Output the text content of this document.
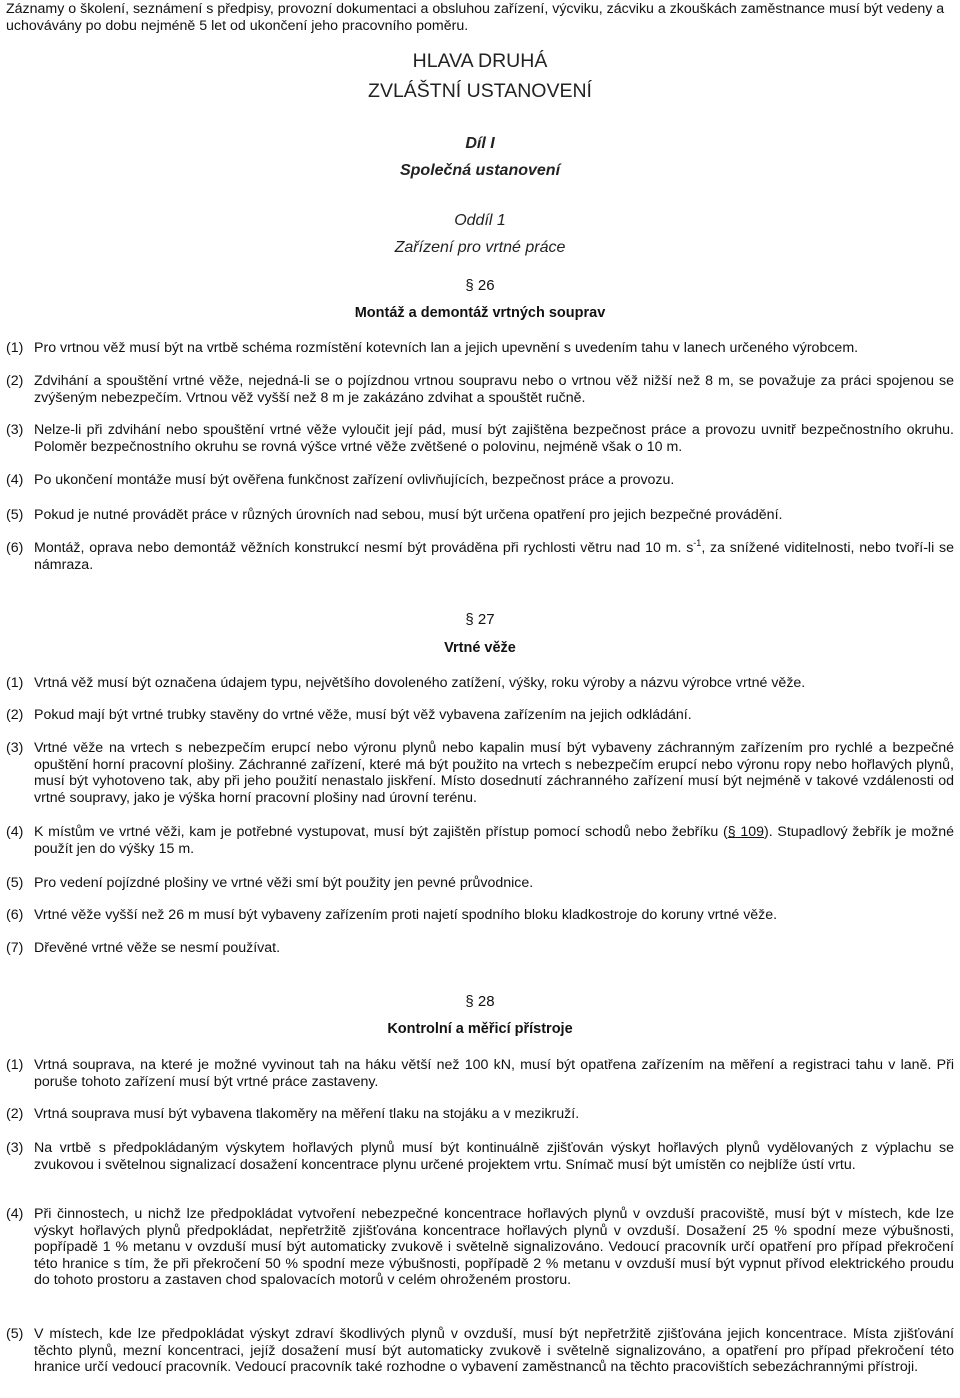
Záznamy o školení, seznámení s předpisy, provozní dokumentaci a obsluhou zařízení, výcviku, zácviku a zkouškách zaměstnance musí být vedeny a uchovávány po dobu nejméně 5 let od ukončení jeho pracovního poměru.
HLAVA DRUHÁ
ZVLÁŠTNÍ USTANOVENÍ
Díl I
Společná ustanovení
Oddíl 1
Zařízení pro vrtné práce
§ 26
Montáž a demontáž vrtných souprav
(1) Pro vrtnou věž musí být na vrtbě schéma rozmístění kotevních lan a jejich upevnění s uvedením tahu v lanech určeného výrobcem.
(2) Zdvihání a spouštění vrtné věže, nejedná-li se o pojízdnou vrtnou soupravu nebo o vrtnou věž nižší než 8 m, se považuje za práci spojenou se zvýšeným nebezpečím. Vrtnou věž vyšší než 8 m je zakázáno zdvihat a spouštět ručně.
(3) Nelze-li při zdvihání nebo spouštění vrtné věže vyloučit její pád, musí být zajištěna bezpečnost práce a provozu uvnitř bezpečnostního okruhu. Poloměr bezpečnostního okruhu se rovná výšce vrtné věže zvětšené o polovinu, nejméně však o 10 m.
(4) Po ukončení montáže musí být ověřena funkčnost zařízení ovlivňujících, bezpečnost práce a provozu.
(5) Pokud je nutné provádět práce v různých úrovních nad sebou, musí být určena opatření pro jejich bezpečné provádění.
(6) Montáž, oprava nebo demontáž věžních konstrukcí nesmí být prováděna při rychlosti větru nad 10 m. $s^{-1}$, za snížené viditelnosti, nebo tvoří-li se námraza.
§ 27
Vrtné věže
(1) Vrtná věž musí být označena údajem typu, největšího dovoleného zatížení, výšky, roku výroby a názvu výrobce vrtné věže.
(2) Pokud mají být vrtné trubky stavěny do vrtné věže, musí být věž vybavena zařízením na jejich odkládání.
(3) Vrtné věže na vrtech s nebezpečím erupcí nebo výronu plynů nebo kapalin musí být vybaveny záchranným zařízením pro rychlé a bezpečné opuštění horní pracovní plošiny. Záchranné zařízení, které má být použito na vrtech s nebezpečím erupcí nebo výronu ropy nebo hořlavých plynů, musí být vyhotoveno tak, aby při jeho použití nenastalo jiskření. Místo dosednutí záchranného zařízení musí být nejméně v takové vzdálenosti od vrtné soupravy, jako je výška horní pracovní plošiny nad úrovní terénu.
(4) K místům ve vrtné věži, kam je potřebné vystupovat, musí být zajištěn přístup pomocí schodů nebo žebříku (§ 109). Stupadlový žebřík je možné použít jen do výšky 15 m.
(5) Pro vedení pojízdné plošiny ve vrtné věži smí být použity jen pevné průvodnice.
(6) Vrtné věže vyšší než 26 m musí být vybaveny zařízením proti najetí spodního bloku kladkostroje do koruny vrtné věže.
(7) Dřevěné vrtné věže se nesmí používat.
§ 28
Kontrolní a měřicí přístroje
(1) Vrtná souprava, na které je možné vyvinout tah na háku větší než 100 kN, musí být opatřena zařízením na měření a registraci tahu v laně. Při poruše tohoto zařízení musí být vrtné práce zastaveny.
(2) Vrtná souprava musí být vybavena tlakoměry na měření tlaku na stojáku a v mezikruží.
(3) Na vrtbě s předpokládaným výskytem hořlavých plynů musí být kontinuálně zjišťován výskyt hořlavých plynů vydělovaných z výplachu se zvukovou i světelnou signalizací dosažení koncentrace plynu určené projektem vrtu. Snímač musí být umístěn co nejblíže ústí vrtu.
(4) Při činnostech, u nichž lze předpokládat vytvoření nebezpečné koncentrace hořlavých plynů v ovzduší pracoviště, musí být v místech, kde lze výskyt hořlavých plynů předpokládat, nepřetržitě zjišťována koncentrace hořlavých plynů v ovzduší. Dosažení 25 % spodní meze výbušnosti, popřípadě 1 % metanu v ovzduší musí být automaticky zvukově i světelně signalizováno. Vedoucí pracovník určí opatření pro případ překročení této hranice s tím, že při překročení 50 % spodní meze výbušnosti, popřípadě 2 % metanu v ovzduší musí být vypnut přívod elektrického proudu do tohoto prostoru a zastaven chod spalovacích motorů v celém ohroženém prostoru.
(5) V místech, kde lze předpokládat výskyt zdraví škodlivých plynů v ovzduší, musí být nepřetržitě zjišťována jejich koncentrace. Místa zjišťování těchto plynů, mezní koncentraci, jejíž dosažení musí být automaticky zvukově i světelně signalizováno, a opatření pro případ překročení této hranice určí vedoucí pracovník. Vedoucí pracovník také rozhodne o vybavení zaměstnanců na těchto pracovištích sebezáchrannými přístroji.
